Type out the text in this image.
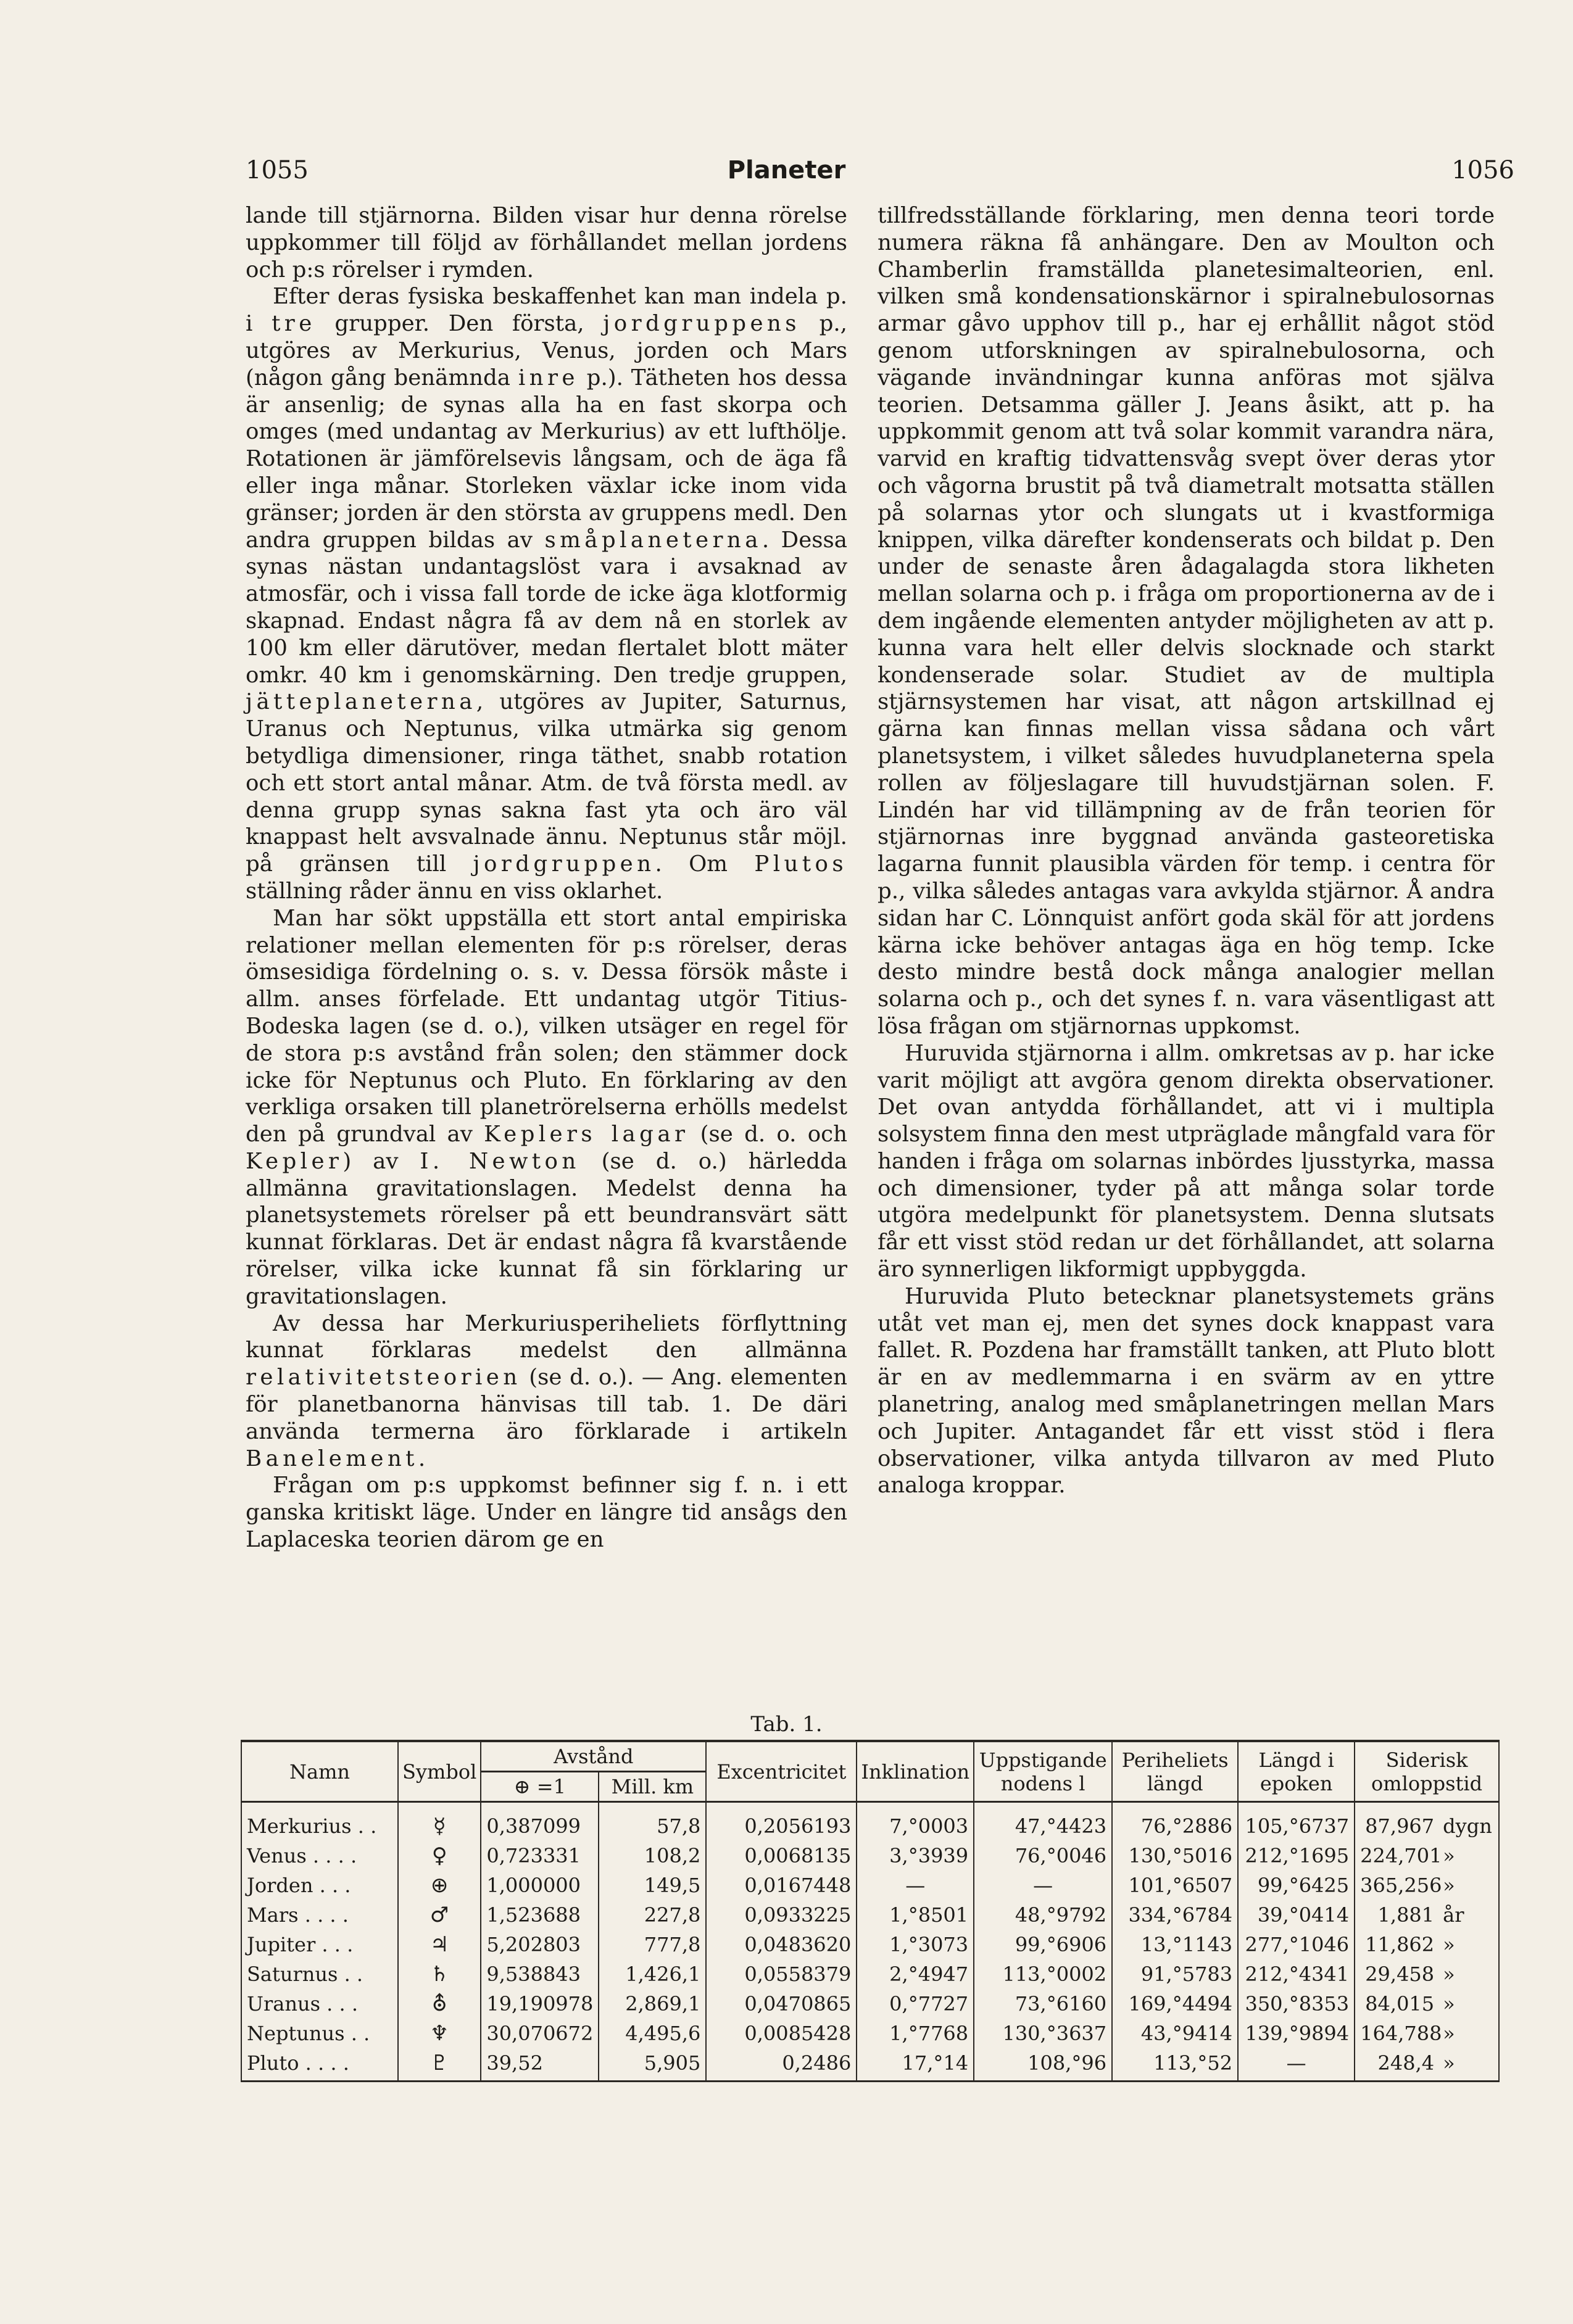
1055	Planeter	1056

lande till stjärnorna. Bilden visar hur denna rörelse uppkommer till följd av förhållandet mellan jordens och p:s rörelser i rymden.

Efter deras fysiska beskaffenhet kan man indela p. i tre grupper. Den första, jordgruppens p., utgöres av Merkurius, Venus, jorden och Mars (någon gång benämnda inre p.). Tätheten hos dessa är ansenlig; de synas alla ha en fast skorpa och omges (med undantag av Merkurius) av ett lufthölje. Rotationen är jämförelsevis långsam, och de äga få eller inga månar. Storleken växlar icke inom vida gränser; jorden är den största av gruppens medl. Den andra gruppen bildas av småplaneterna. Dessa synas nästan undantagslöst vara i avsaknad av atmosfär, och i vissa fall torde de icke äga klotformig skapnad. Endast några få av dem nå en storlek av 100 km eller därutöver, medan flertalet blott mäter omkr. 40 km i genomskärning. Den tredje gruppen, jätteplaneterna, utgöres av Jupiter, Saturnus, Uranus och Neptunus, vilka utmärka sig genom betydliga dimensioner, ringa täthet, snabb rotation och ett stort antal månar. Atm. de två första medl. av denna grupp synas sakna fast yta och äro väl knappast helt avsvalnade ännu. Neptunus står möjl. på gränsen till jordgruppen. Om Plutos ställning råder ännu en viss oklarhet.

Man har sökt uppställa ett stort antal empiriska relationer mellan elementen för p:s rörelser, deras ömsesidiga fördelning o. s. v. Dessa försök måste i allm. anses förfelade. Ett undantag utgör Titius-Bodeska lagen (se d. o.), vilken utsäger en regel för de stora p:s avstånd från solen; den stämmer dock icke för Neptunus och Pluto. En förklaring av den verkliga orsaken till planetrörelserna erhölls medelst den på grundval av Keplers lagar (se d. o. och Kepler) av I. Newton (se d. o.) härledda allmänna gravitationslagen. Medelst denna ha planetsystemets rörelser på ett beundransvärt sätt kunnat förklaras. Det är endast några få kvarstående rörelser, vilka icke kunnat få sin förklaring ur gravitationslagen.

Av dessa har Merkuriusperiheliets förflyttning kunnat förklaras medelst den allmänna relativitetsteorien (se d. o.). — Ang. elementen för planetbanorna hänvisas till tab. 1. De däri använda termerna äro förklarade i artikeln Banelement.

Frågan om p:s uppkomst befinner sig f. n. i ett ganska kritiskt läge. Under en längre tid ansågs den Laplaceska teorien därom ge en

tillfredsställande förklaring, men denna teori torde numera räkna få anhängare. Den av Moulton och Chamberlin framställda planetesimalteorien, enl. vilken små kondensationskärnor i spiralnebulosornas armar gåvo upphov till p., har ej erhållit något stöd genom utforskningen av spiralnebulosorna, och vägande invändningar kunna anföras mot själva teorien. Detsamma gäller J. Jeans åsikt, att p. ha uppkommit genom att två solar kommit varandra nära, varvid en kraftig tidvattensvåg svept över deras ytor och vågorna brustit på två diametralt motsatta ställen på solarnas ytor och slungats ut i kvastformiga knippen, vilka därefter kondenserats och bildat p. Den under de senaste åren ådagalagda stora likheten mellan solarna och p. i fråga om proportionerna av de i dem ingående elementen antyder möjligheten av att p. kunna vara helt eller delvis slocknade och starkt kondenserade solar. Studiet av de multipla stjärnsystemen har visat, att någon artskillnad ej gärna kan finnas mellan vissa sådana och vårt planetsystem, i vilket således huvudplaneterna spela rollen av följeslagare till huvudstjärnan solen. F. Lindén har vid tillämpning av de från teorien för stjärnornas inre byggnad använda gasteoretiska lagarna funnit plausibla värden för temp. i centra för p., vilka således antagas vara avkylda stjärnor. Å andra sidan har C. Lönnquist anfört goda skäl för att jordens kärna icke behöver antagas äga en hög temp. Icke desto mindre bestå dock många analogier mellan solarna och p., och det synes f. n. vara väsentligast att lösa frågan om stjärnornas uppkomst.

Huruvida stjärnorna i allm. omkretsas av p. har icke varit möjligt att avgöra genom direkta observationer. Det ovan antydda förhållandet, att vi i multipla solsystem finna den mest utpräglade mångfald vara för handen i fråga om solarnas inbördes ljusstyrka, massa och dimensioner, tyder på att många solar torde utgöra medelpunkt för planetsystem. Denna slutsats får ett visst stöd redan ur det förhållandet, att solarna äro synnerligen likformigt uppbyggda.

Huruvida Pluto betecknar planetsystemets gräns utåt vet man ej, men det synes dock knappast vara fallet. R. Pozdena har framställt tanken, att Pluto blott är en av medlemmarna i en svärm av en yttre planetring, analog med småplanetringen mellan Mars och Jupiter. Antagandet får ett visst stöd i flera observationer, vilka antyda tillvaron av med Pluto analoga kroppar.

Tab. 1.
Namn	Symbol	Avstånd		Excentricitet	Inklination	Uppstigande nodens l	Periheliets längd	Längd i epoken	Siderisk omloppstid
		⊕ =1	Mill. km						
Merkurius . .	☿	0,387099	57,8	0,2056193	7,°0003	47,°4423	76,°2886	105,°6737	87,967 dygn
Venus . . . .	♀	0,723331	108,2	0,0068135	3,°3939	76,°0046	130,°5016	212,°1695	224,701»
Jorden . . .	⊕	1,000000	149,5	0,0167448	—	—	101,°6507	99,°6425	365,256»
Mars . . . .	♂	1,523688	227,8	0,0933225	1,°8501	48,°9792	334,°6784	39,°0414	1,881 år
Jupiter . . .	♃	5,202803	777,8	0,0483620	1,°3073	99,°6906	13,°1143	277,°1046	11,862 »
Saturnus . .	♄	9,538843	1,426,1	0,0558379	2,°4947	113,°0002	91,°5783	212,°4341	29,458 »
Uranus . . .	⛢	19,190978	2,869,1	0,0470865	0,°7727	73,°6160	169,°4494	350,°8353	84,015 »
Neptunus . .	♆	30,070672	4,495,6	0,0085428	1,°7768	130,°3637	43,°9414	139,°9894	164,788»
Pluto . . . .	♇	39,52	5,905	0,2486	17,°14	108,°96	113,°52	—	248,4 »
